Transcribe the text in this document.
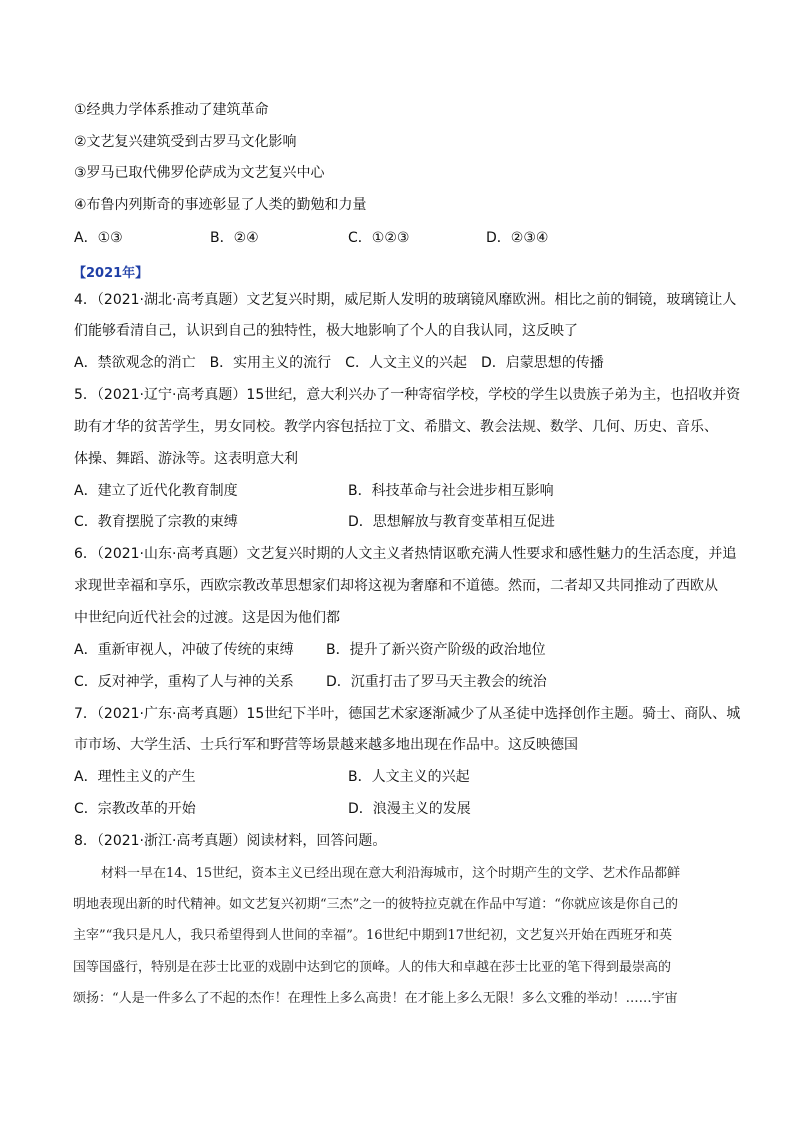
①经典力学体系推动了建筑革命
②文艺复兴建筑受到古罗马文化影响
③罗马已取代佛罗伦萨成为文艺复兴中心
④布鲁内列斯奇的事迹彰显了人类的勤勉和力量
A．①③	B．②④	C．①②③	D．②③④
【2021年】
4．（2021·湖北·高考真题）文艺复兴时期，威尼斯人发明的玻璃镜风靡欧洲。相比之前的铜镜，玻璃镜让人
们能够看清自己，认识到自己的独特性，极大地影响了个人的自我认同，这反映了
A．禁欲观念的消亡　B．实用主义的流行　C．人文主义的兴起　D．启蒙思想的传播
5．（2021·辽宁·高考真题）15世纪，意大利兴办了一种寄宿学校，学校的学生以贵族子弟为主，也招收并资
助有才华的贫苦学生，男女同校。教学内容包括拉丁文、希腊文、教会法规、数学、几何、历史、音乐、
体操、舞蹈、游泳等。这表明意大利
A．建立了近代化教育制度	B．科技革命与社会进步相互影响
C．教育摆脱了宗教的束缚	D．思想解放与教育变革相互促进
6．（2021·山东·高考真题）文艺复兴时期的人文主义者热情讴歌充满人性要求和感性魅力的生活态度，并追
求现世幸福和享乐，西欧宗教改革思想家们却将这视为奢靡和不道德。然而，二者却又共同推动了西欧从
中世纪向近代社会的过渡。这是因为他们都
A．重新审视人，冲破了传统的束缚 B．提升了新兴资产阶级的政治地位
C．反对神学，重构了人与神的关系 D．沉重打击了罗马天主教会的统治
7．（2021·广东·高考真题）15世纪下半叶，德国艺术家逐渐减少了从圣徒中选择创作主题。骑士、商队、城
市市场、大学生活、士兵行军和野营等场景越来越多地出现在作品中。这反映德国
A．理性主义的产生	B．人文主义的兴起
C．宗教改革的开始	D．浪漫主义的发展
8．（2021·浙江·高考真题）阅读材料，回答问题。
材料一早在14、15世纪，资本主义已经出现在意大利沿海城市，这个时期产生的文学、艺术作品都鲜
明地表现出新的时代精神。如文艺复兴初期“三杰”之一的彼特拉克就在作品中写道：“你就应该是你自己的
主宰”“我只是凡人，我只希望得到人世间的幸福”。16世纪中期到17世纪初，文艺复兴开始在西班牙和英
国等国盛行，特别是在莎士比亚的戏剧中达到它的顶峰。人的伟大和卓越在莎士比亚的笔下得到最崇高的
颂扬：“人是一件多么了不起的杰作！在理性上多么高贵！在才能上多么无限！多么文雅的举动！……宇宙
